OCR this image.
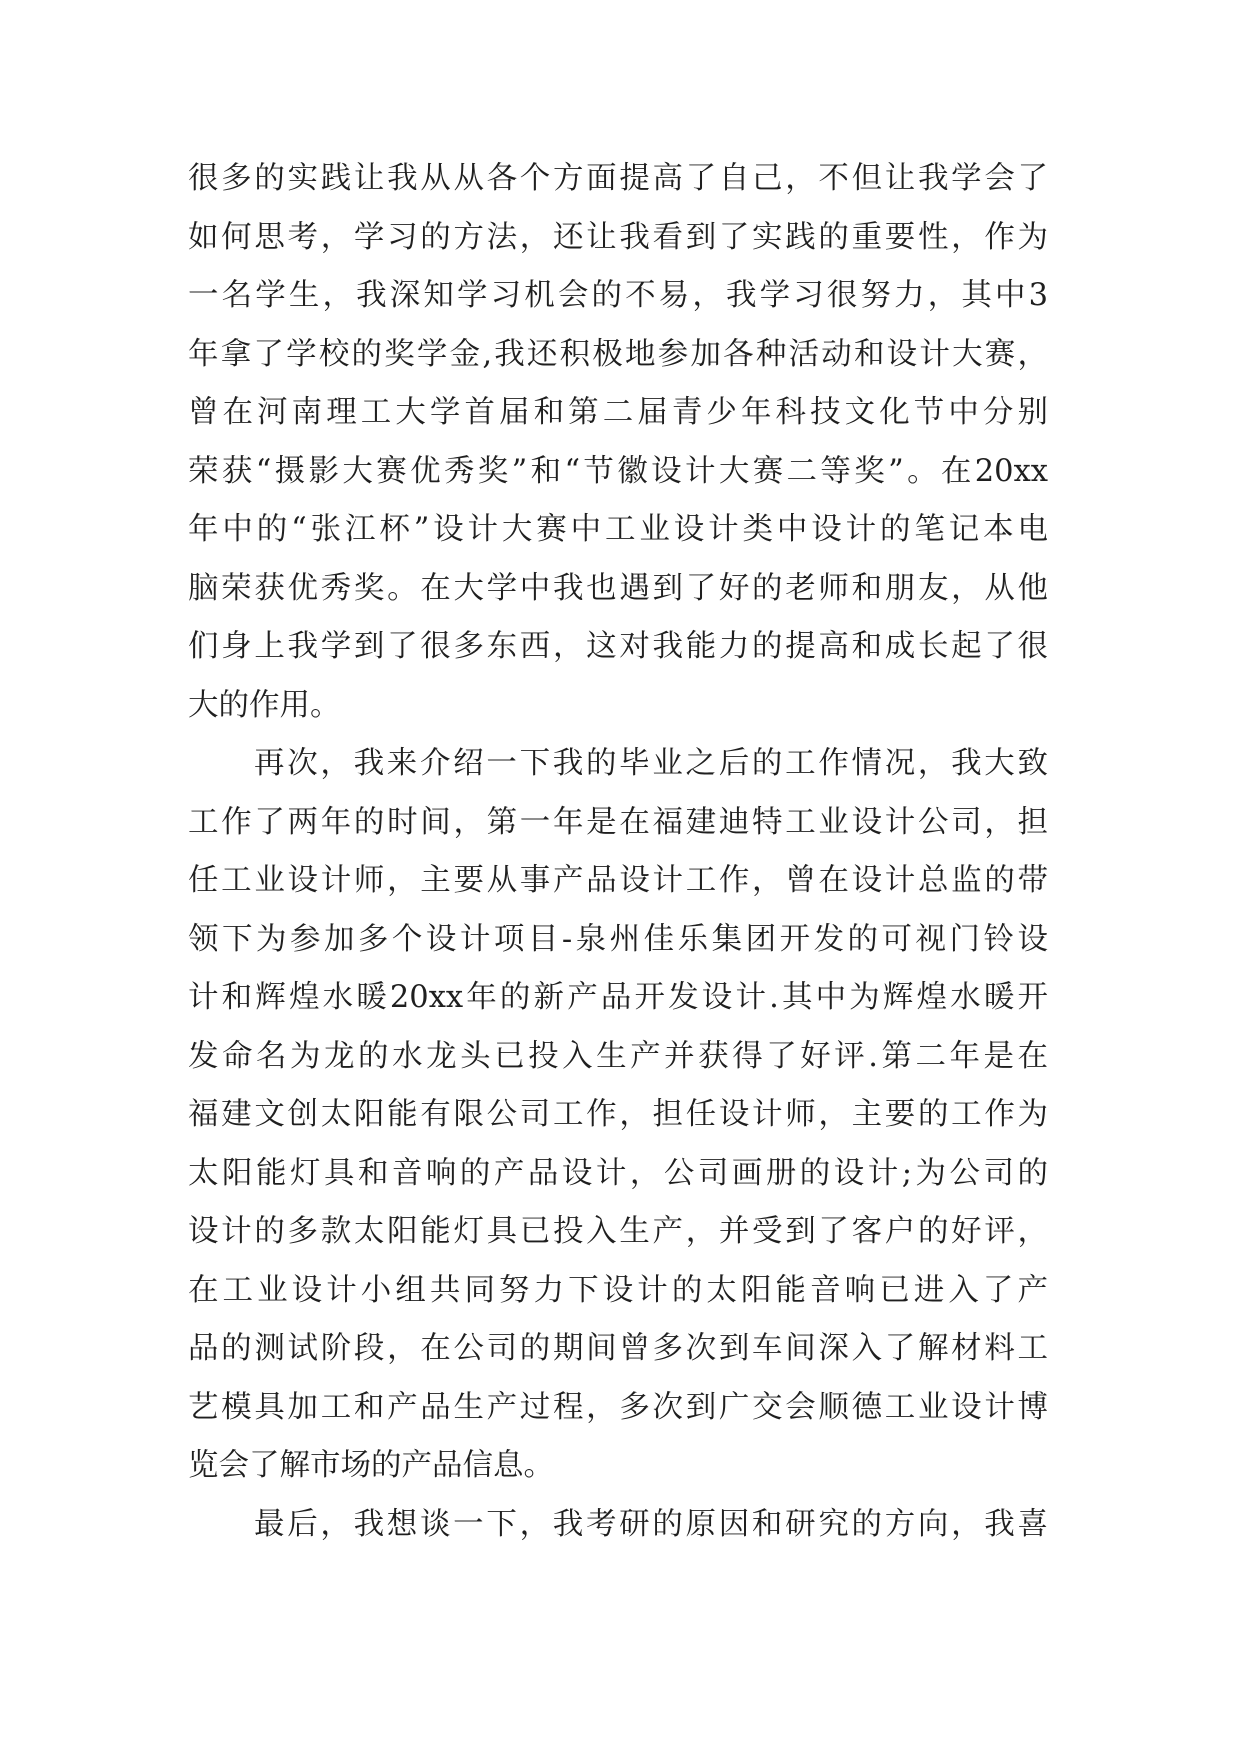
很多的实践让我从从各个方面提高了自己，不但让我学会了
如何思考，学习的方法，还让我看到了实践的重要性，作为
一名学生，我深知学习机会的不易，我学习很努力，其中3
年拿了学校的奖学金,我还积极地参加各种活动和设计大赛，
曾在河南理工大学首届和第二届青少年科技文化节中分别
荣获“摄影大赛优秀奖”和“节徽设计大赛二等奖”。在20xx
年中的“张江杯”设计大赛中工业设计类中设计的笔记本电
脑荣获优秀奖。在大学中我也遇到了好的老师和朋友，从他
们身上我学到了很多东西，这对我能力的提高和成长起了很
大的作用。
再次，我来介绍一下我的毕业之后的工作情况，我大致
工作了两年的时间，第一年是在福建迪特工业设计公司，担
任工业设计师，主要从事产品设计工作，曾在设计总监的带
领下为参加多个设计项目-泉州佳乐集团开发的可视门铃设
计和辉煌水暖20xx年的新产品开发设计.其中为辉煌水暖开
发命名为龙的水龙头已投入生产并获得了好评.第二年是在
福建文创太阳能有限公司工作，担任设计师，主要的工作为
太阳能灯具和音响的产品设计，公司画册的设计;为公司的
设计的多款太阳能灯具已投入生产，并受到了客户的好评，
在工业设计小组共同努力下设计的太阳能音响已进入了产
品的测试阶段，在公司的期间曾多次到车间深入了解材料工
艺模具加工和产品生产过程，多次到广交会顺德工业设计博
览会了解市场的产品信息。
最后，我想谈一下，我考研的原因和研究的方向，我喜
